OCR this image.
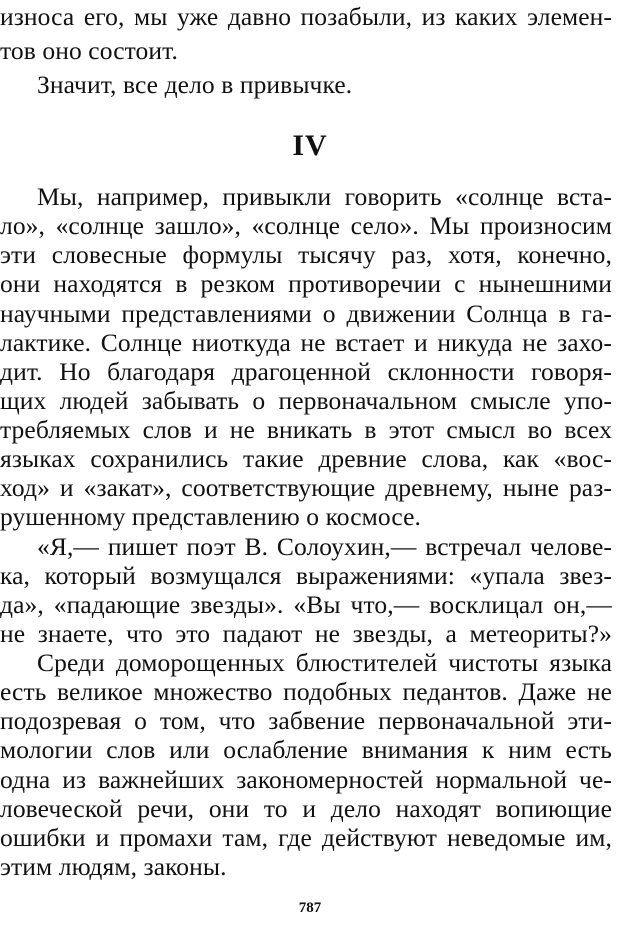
износа его, мы уже давно позабыли, из каких элемен-
тов оно состоит.
Значит, все дело в привычке.
IV
Мы, например, привыкли говорить «солнце вста-
ло», «солнце зашло», «солнце село». Мы произносим
эти словесные формулы тысячу раз, хотя, конечно,
они находятся в резком противоречии с нынешними
научными представлениями о движении Солнца в га-
лактике. Солнце ниоткуда не встает и никуда не захо-
дит. Но благодаря драгоценной склонности говоря-
щих людей забывать о первоначальном смысле упо-
требляемых слов и не вникать в этот смысл во всех
языках сохранились такие древние слова, как «вос-
ход» и «закат», соответствующие древнему, ныне раз-
рушенному представлению о космосе.
«Я,— пишет поэт В. Солоухин,— встречал челове-
ка, который возмущался выражениями: «упала звез-
да», «падающие звезды». «Вы что,— восклицал он,—
не знаете, что это падают не звезды, а метеориты?»
Среди доморощенных блюстителей чистоты языка
есть великое множество подобных педантов. Даже не
подозревая о том, что забвение первоначальной эти-
мологии слов или ослабление внимания к ним есть
одна из важнейших закономерностей нормальной че-
ловеческой речи, они то и дело находят вопиющие
ошибки и промахи там, где действуют неведомые им,
этим людям, законы.
787
